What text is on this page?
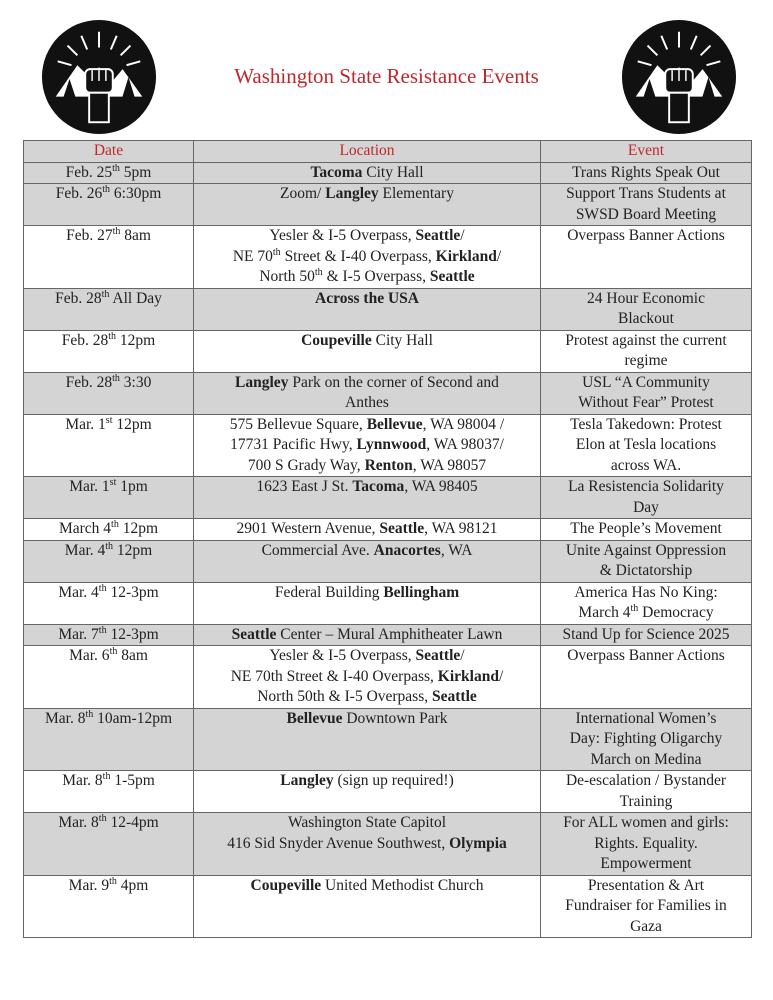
Washington State Resistance Events
Date	Location	Event
Feb. 25th 5pm	Tacoma City Hall	Trans Rights Speak Out
Feb. 26th 6:30pm	Zoom/ Langley Elementary	Support Trans Students at
SWSD Board Meeting
Feb. 27th 8am	Yesler & I-5 Overpass, Seattle/
NE 70th Street & I-40 Overpass, Kirkland/
North 50th & I-5 Overpass, Seattle	Overpass Banner Actions
Feb. 28th All Day	Across the USA	24 Hour Economic
Blackout
Feb. 28th 12pm	Coupeville City Hall	Protest against the current
regime
Feb. 28th 3:30	Langley Park on the corner of Second and
Anthes	USL “A Community
Without Fear” Protest
Mar. 1st 12pm	575 Bellevue Square, Bellevue, WA 98004 /
17731 Pacific Hwy, Lynnwood, WA 98037/
700 S Grady Way, Renton, WA 98057	Tesla Takedown: Protest
Elon at Tesla locations
across WA.
Mar. 1st 1pm	1623 East J St. Tacoma, WA 98405	La Resistencia Solidarity
Day
March 4th 12pm	2901 Western Avenue, Seattle, WA 98121	The People’s Movement
Mar. 4th 12pm	Commercial Ave. Anacortes, WA	Unite Against Oppression
& Dictatorship
Mar. 4th 12-3pm	Federal Building Bellingham	America Has No King:
March 4th Democracy
Mar. 7th 12-3pm	Seattle Center – Mural Amphitheater Lawn	Stand Up for Science 2025
Mar. 6th 8am	Yesler & I-5 Overpass, Seattle/
NE 70th Street & I-40 Overpass, Kirkland/
North 50th & I-5 Overpass, Seattle	Overpass Banner Actions
Mar. 8th 10am-12pm	Bellevue Downtown Park	International Women’s
Day: Fighting Oligarchy
March on Medina
Mar. 8th 1-5pm	Langley (sign up required!)	De-escalation / Bystander
Training
Mar. 8th 12-4pm	Washington State Capitol
416 Sid Snyder Avenue Southwest, Olympia	For ALL women and girls:
Rights. Equality.
Empowerment
Mar. 9th 4pm	Coupeville United Methodist Church	Presentation & Art
Fundraiser for Families in
Gaza
